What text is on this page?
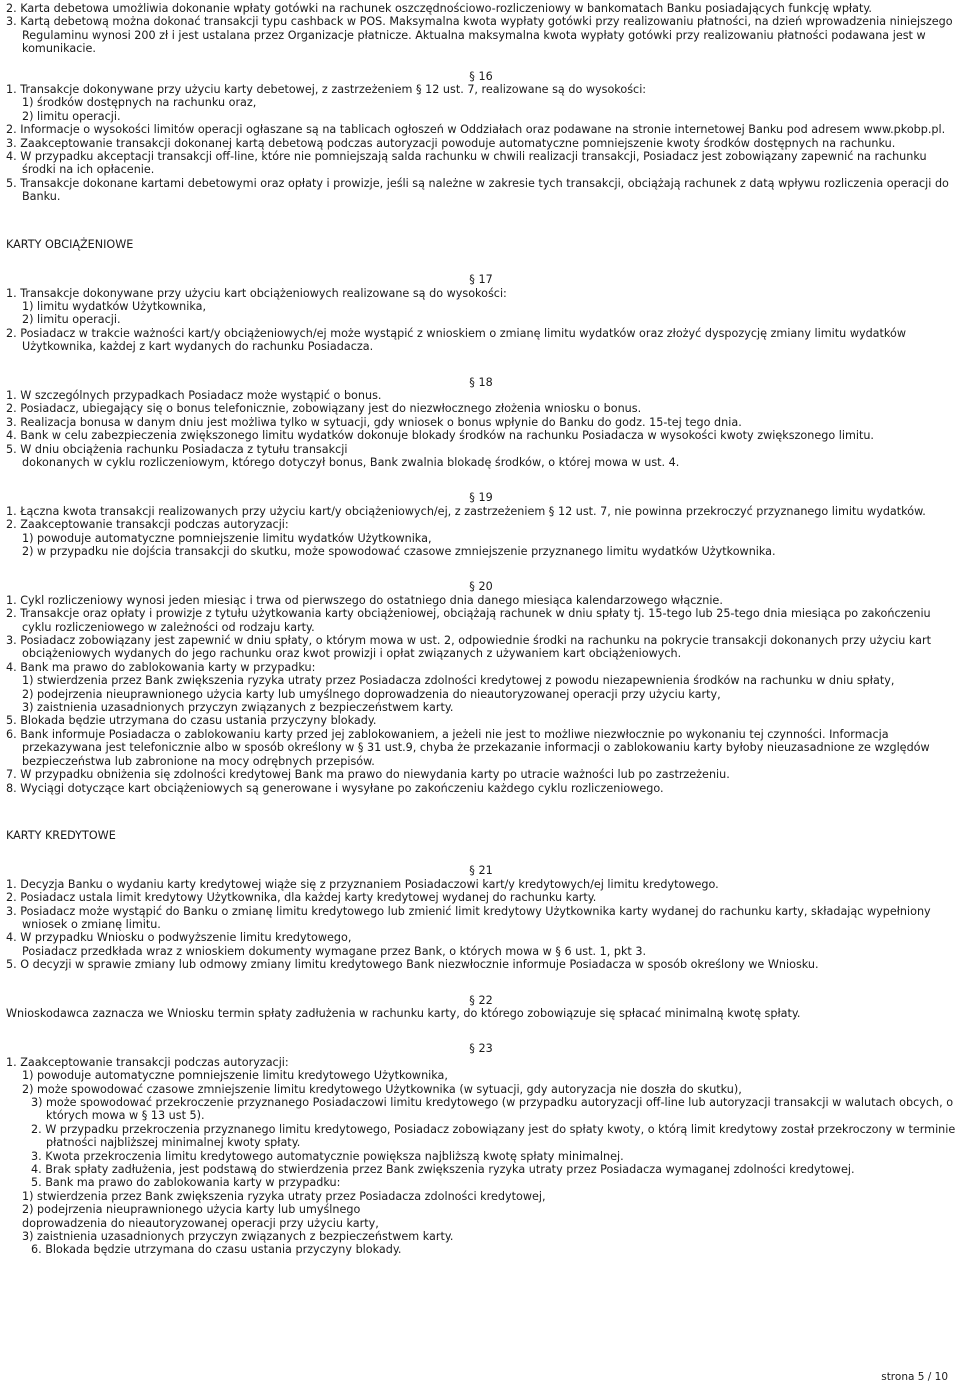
2. Karta debetowa umożliwia dokonanie wpłaty gotówki na rachunek oszczędnościowo-rozliczeniowy w bankomatach Banku posiadających funkcję wpłaty.
3. Kartą debetową można dokonać transakcji typu cashback w POS. Maksymalna kwota wypłaty gotówki przy realizowaniu płatności, na dzień wprowadzenia niniejszego Regulaminu wynosi 200 zł i jest ustalana przez Organizacje płatnicze. Aktualna maksymalna kwota wypłaty gotówki przy realizowaniu płatności podawana jest w komunikacie.
§ 16
1. Transakcje dokonywane przy użyciu karty debetowej, z zastrzeżeniem § 12 ust. 7, realizowane są do wysokości:
1) środków dostępnych na rachunku oraz,
2) limitu operacji.
2. Informacje o wysokości limitów operacji ogłaszane są na tablicach ogłoszeń w Oddziałach oraz podawane na stronie internetowej Banku pod adresem www.pkobp.pl.
3. Zaakceptowanie transakcji dokonanej kartą debetową podczas autoryzacji powoduje automatyczne pomniejszenie kwoty środków dostępnych na rachunku.
4. W przypadku akceptacji transakcji off-line, które nie pomniejszają salda rachunku w chwili realizacji transakcji, Posiadacz jest zobowiązany zapewnić na rachunku środki na ich opłacenie.
5. Transakcje dokonane kartami debetowymi oraz opłaty i prowizje, jeśli są należne w zakresie tych transakcji, obciążają rachunek z datą wpływu rozliczenia operacji do Banku.
KARTY OBCIĄŻENIOWE
§ 17
1. Transakcje dokonywane przy użyciu kart obciążeniowych realizowane są do wysokości:
1) limitu wydatków Użytkownika,
2) limitu operacji.
2. Posiadacz w trakcie ważności kart/y obciążeniowych/ej może wystąpić z wnioskiem o zmianę limitu wydatków oraz złożyć dyspozycję zmiany limitu wydatków Użytkownika, każdej z kart wydanych do rachunku Posiadacza.
§ 18
1. W szczególnych przypadkach Posiadacz może wystąpić o bonus.
2. Posiadacz, ubiegający się o bonus telefonicznie, zobowiązany jest do niezwłocznego złożenia wniosku o bonus.
3. Realizacja bonusa w danym dniu jest możliwa tylko w sytuacji, gdy wniosek o bonus wpłynie do Banku do godz. 15-tej tego dnia.
4. Bank w celu zabezpieczenia zwiększonego limitu wydatków dokonuje blokady środków na rachunku Posiadacza w wysokości kwoty zwiększonego limitu.
5. W dniu obciążenia rachunku Posiadacza z tytułu transakcji
dokonanych w cyklu rozliczeniowym, którego dotyczył bonus, Bank zwalnia blokadę środków, o której mowa w ust. 4.
§ 19
1. Łączna kwota transakcji realizowanych przy użyciu kart/y obciążeniowych/ej, z zastrzeżeniem § 12 ust. 7, nie powinna przekroczyć przyznanego limitu wydatków.
2. Zaakceptowanie transakcji podczas autoryzacji:
1) powoduje automatyczne pomniejszenie limitu wydatków Użytkownika,
2) w przypadku nie dojścia transakcji do skutku, może spowodować czasowe zmniejszenie przyznanego limitu wydatków Użytkownika.
§ 20
1. Cykl rozliczeniowy wynosi jeden miesiąc i trwa od pierwszego do ostatniego dnia danego miesiąca kalendarzowego włącznie.
2. Transakcje oraz opłaty i prowizje z tytułu użytkowania karty obciążeniowej, obciążają rachunek w dniu spłaty tj. 15-tego lub 25-tego dnia miesiąca po zakończeniu cyklu rozliczeniowego w zależności od rodzaju karty.
3. Posiadacz zobowiązany jest zapewnić w dniu spłaty, o którym mowa w ust. 2, odpowiednie środki na rachunku na pokrycie transakcji dokonanych przy użyciu kart obciążeniowych wydanych do jego rachunku oraz kwot prowizji i opłat związanych z używaniem kart obciążeniowych.
4. Bank ma prawo do zablokowania karty w przypadku:
1) stwierdzenia przez Bank zwiększenia ryzyka utraty przez Posiadacza zdolności kredytowej z powodu niezapewnienia środków na rachunku w dniu spłaty,
2) podejrzenia nieuprawnionego użycia karty lub umyślnego doprowadzenia do nieautoryzowanej operacji przy użyciu karty,
3) zaistnienia uzasadnionych przyczyn związanych z bezpieczeństwem karty.
5. Blokada będzie utrzymana do czasu ustania przyczyny blokady.
6. Bank informuje Posiadacza o zablokowaniu karty przed jej zablokowaniem, a jeżeli nie jest to możliwe niezwłocznie po wykonaniu tej czynności. Informacja przekazywana jest telefonicznie albo w sposób określony w § 31 ust.9, chyba że przekazanie informacji o zablokowaniu karty byłoby nieuzasadnione ze względów bezpieczeństwa lub zabronione na mocy odrębnych przepisów.
7. W przypadku obniżenia się zdolności kredytowej Bank ma prawo do niewydania karty po utracie ważności lub po zastrzeżeniu.
8. Wyciągi dotyczące kart obciążeniowych są generowane i wysyłane po zakończeniu każdego cyklu rozliczeniowego.
KARTY KREDYTOWE
§ 21
1. Decyzja Banku o wydaniu karty kredytowej wiąże się z przyznaniem Posiadaczowi kart/y kredytowych/ej limitu kredytowego.
2. Posiadacz ustala limit kredytowy Użytkownika, dla każdej karty kredytowej wydanej do rachunku karty.
3. Posiadacz może wystąpić do Banku o zmianę limitu kredytowego lub zmienić limit kredytowy Użytkownika karty wydanej do rachunku karty, składając wypełniony wniosek o zmianę limitu.
4. W przypadku Wniosku o podwyższenie limitu kredytowego,
Posiadacz przedkłada wraz z wnioskiem dokumenty wymagane przez Bank, o których mowa w § 6 ust. 1, pkt 3.
5. O decyzji w sprawie zmiany lub odmowy zmiany limitu kredytowego Bank niezwłocznie informuje Posiadacza w sposób określony we Wniosku.
§ 22
Wnioskodawca zaznacza we Wniosku termin spłaty zadłużenia w rachunku karty, do którego zobowiązuje się spłacać minimalną kwotę spłaty.
§ 23
1. Zaakceptowanie transakcji podczas autoryzacji:
1) powoduje automatyczne pomniejszenie limitu kredytowego Użytkownika,
2) może spowodować czasowe zmniejszenie limitu kredytowego Użytkownika (w sytuacji, gdy autoryzacja nie doszła do skutku),
3) może spowodować przekroczenie przyznanego Posiadaczowi limitu kredytowego (w przypadku autoryzacji off-line lub autoryzacji transakcji w walutach obcych, o których mowa w § 13 ust 5).
2. W przypadku przekroczenia przyznanego limitu kredytowego, Posiadacz zobowiązany jest do spłaty kwoty, o którą limit kredytowy został przekroczony w terminie płatności najbliższej minimalnej kwoty spłaty.
3. Kwota przekroczenia limitu kredytowego automatycznie powiększa najbliższą kwotę spłaty minimalnej.
4. Brak spłaty zadłużenia, jest podstawą do stwierdzenia przez Bank zwiększenia ryzyka utraty przez Posiadacza wymaganej zdolności kredytowej.
5. Bank ma prawo do zablokowania karty w przypadku:
1) stwierdzenia przez Bank zwiększenia ryzyka utraty przez Posiadacza zdolności kredytowej,
2) podejrzenia nieuprawnionego użycia karty lub umyślnego
doprowadzenia do nieautoryzowanej operacji przy użyciu karty,
3) zaistnienia uzasadnionych przyczyn związanych z bezpieczeństwem karty.
6. Blokada będzie utrzymana do czasu ustania przyczyny blokady.
strona 5 / 10
